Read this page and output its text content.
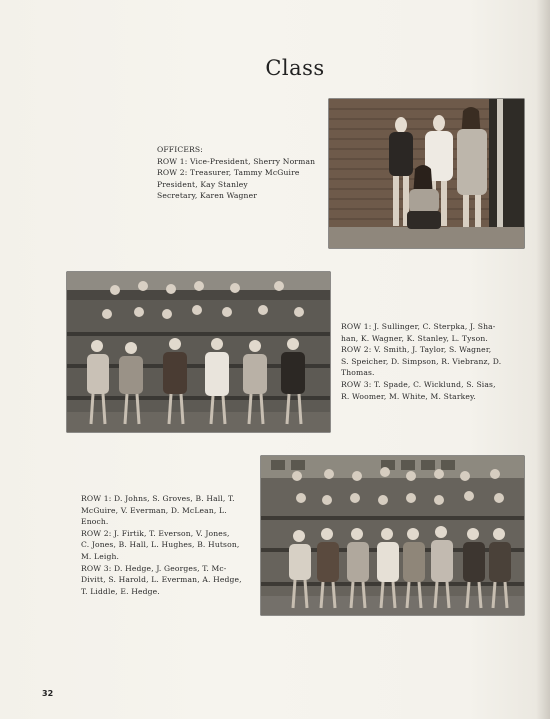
Class
OFFICERS:
ROW 1: Vice-President, Sherry Norman
ROW 2: Treasurer, Tammy McGuire
President, Kay Stanley
Secretary, Karen Wagner
ROW 1: J. Sullinger, C. Sterpka, J. Sha-
han, K. Wagner, K. Stanley, L. Tyson.
ROW 2: V. Smith, J. Taylor, S. Wagner,
S. Speicher, D. Simpson, R. Viebranz, D.
Thomas.
ROW 3: T. Spade, C. Wicklund, S. Sias,
R. Woomer, M. White, M. Starkey.
ROW 1: D. Johns, S. Groves, B. Hall, T.
McGuire, V. Everman, D. McLean, L.
Enoch.
ROW 2: J. Firtik, T. Everson, V. Jones,
C. Jones, B. Hall, L. Hughes, B. Hutson,
M. Leigh.
ROW 3: D. Hedge, J. Georges, T. Mc-
Divitt, S. Harold, L. Everman, A. Hedge,
T. Liddle, E. Hedge.
32
